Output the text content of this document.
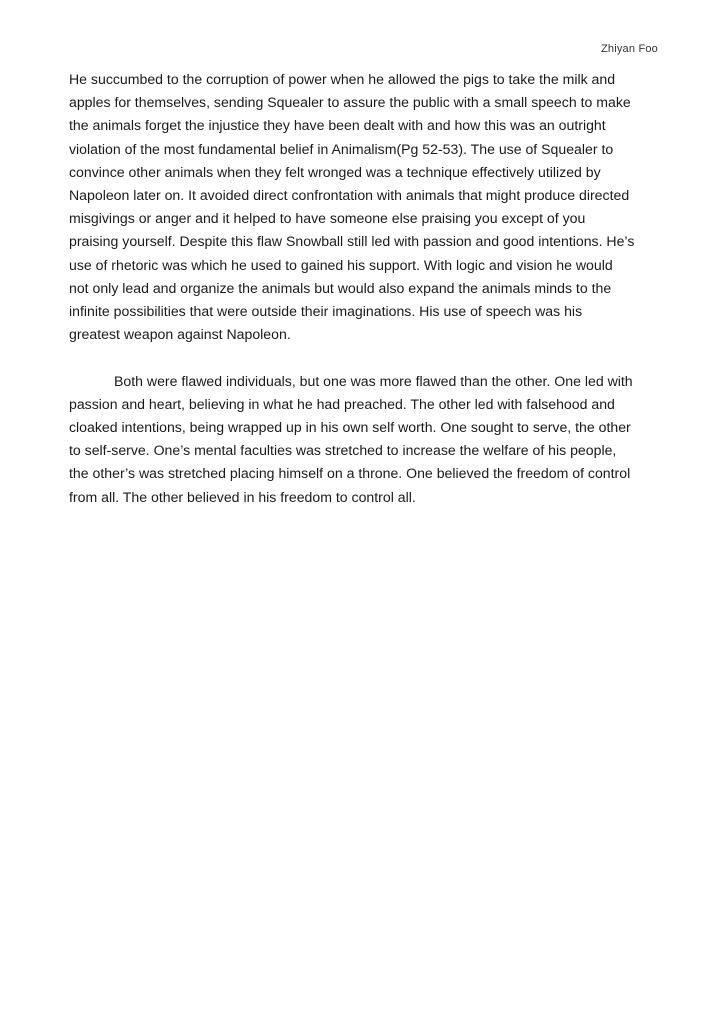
Zhiyan Foo
He succumbed to the corruption of power when he allowed the pigs to take the milk and
apples for themselves, sending Squealer to assure the public with a small speech to make
the animals forget the injustice they have been dealt with and how this was an outright
violation of the most fundamental belief in Animalism(Pg 52-53). The use of Squealer to
convince other animals when they felt wronged was a technique effectively utilized by
Napoleon later on. It avoided direct confrontation with animals that might produce directed
misgivings or anger and it helped to have someone else praising you except of you
praising yourself. Despite this flaw Snowball still led with passion and good intentions. He’s
use of rhetoric was which he used to gained his support. With logic and vision he would
not only lead and organize the animals but would also expand the animals minds to the
infinite possibilities that were outside their imaginations. His use of speech was his
greatest weapon against Napoleon.
Both were flawed individuals, but one was more flawed than the other. One led with
passion and heart, believing in what he had preached. The other led with falsehood and
cloaked intentions, being wrapped up in his own self worth. One sought to serve, the other
to self-serve. One’s mental faculties was stretched to increase the welfare of his people,
the other’s was stretched placing himself on a throne. One believed the freedom of control
from all. The other believed in his freedom to control all.
